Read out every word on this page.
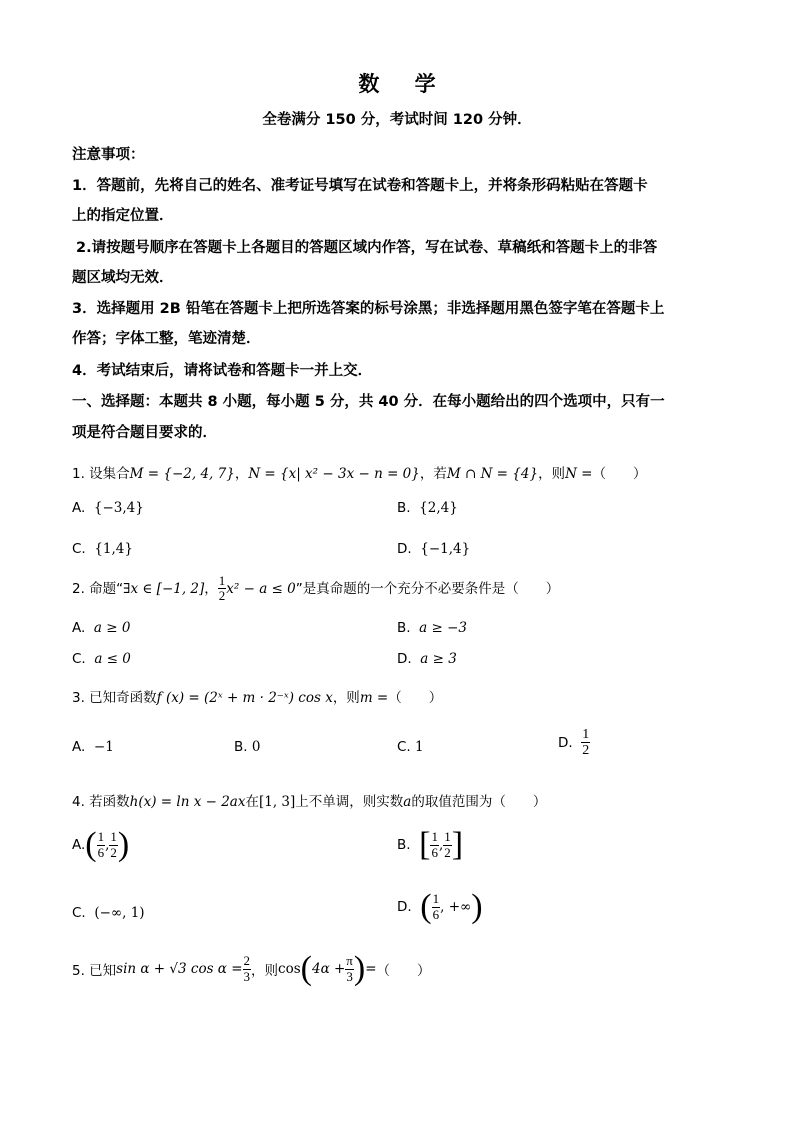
数 学
全卷满分 150 分，考试时间 120 分钟．
注意事项：
1．答题前，先将自己的姓名、准考证号填写在试卷和答题卡上，并将条形码粘贴在答题卡
上的指定位置．
2.请按题号顺序在答题卡上各题目的答题区域内作答，写在试卷、草稿纸和答题卡上的非答
题区域均无效．
3．选择题用 2B 铅笔在答题卡上把所选答案的标号涂黑；非选择题用黑色签字笔在答题卡上
作答；字体工整，笔迹清楚．
4．考试结束后，请将试卷和答题卡一并上交．
一、选择题：本题共 8 小题，每小题 5 分，共 40 分．在每小题给出的四个选项中，只有一
项是符合题目要求的．
1. 设集合M = {−2, 4, 7}，N = {x| x² − 3x − n = 0}，若M ∩ N = {4}，则N =（　　）
A. {−3,4}	B. {2,4}
C. {1,4}	D. {−1,4}
2. 命题“∃x ∈ [−1, 2]， $\frac{1}{2} x^2 - a \le 0$”是真命题的一个充分不必要条件是（　　）
A. a ≥ 0	B. a ≥ −3
C. a ≤ 0	D. a ≥ 3
3. 已知奇函数f (x) = (2ˣ + m · 2⁻ˣ) cos x，则m =（　　）
A. −1	B. 0	C. 1	D. $\frac{1}{2}$
4. 若函数h(x) = ln x − 2ax在[1, 3]上不单调，则实数a的取值范围为（　　）
$A.( \frac{1}{6}$ , $\frac{1}{2}$ )	B. [ $\frac{1}{6}$ , $\frac{1}{2}$ ]
C. (−∞, 1)	D. ( $\frac{1}{6}$ , +∞)
5. 已知sin α + √3 $\cos \alpha = \frac{2}{3}$ ，则$\cos(4\alpha + \frac{\pi}{3}$ )=（　　）
